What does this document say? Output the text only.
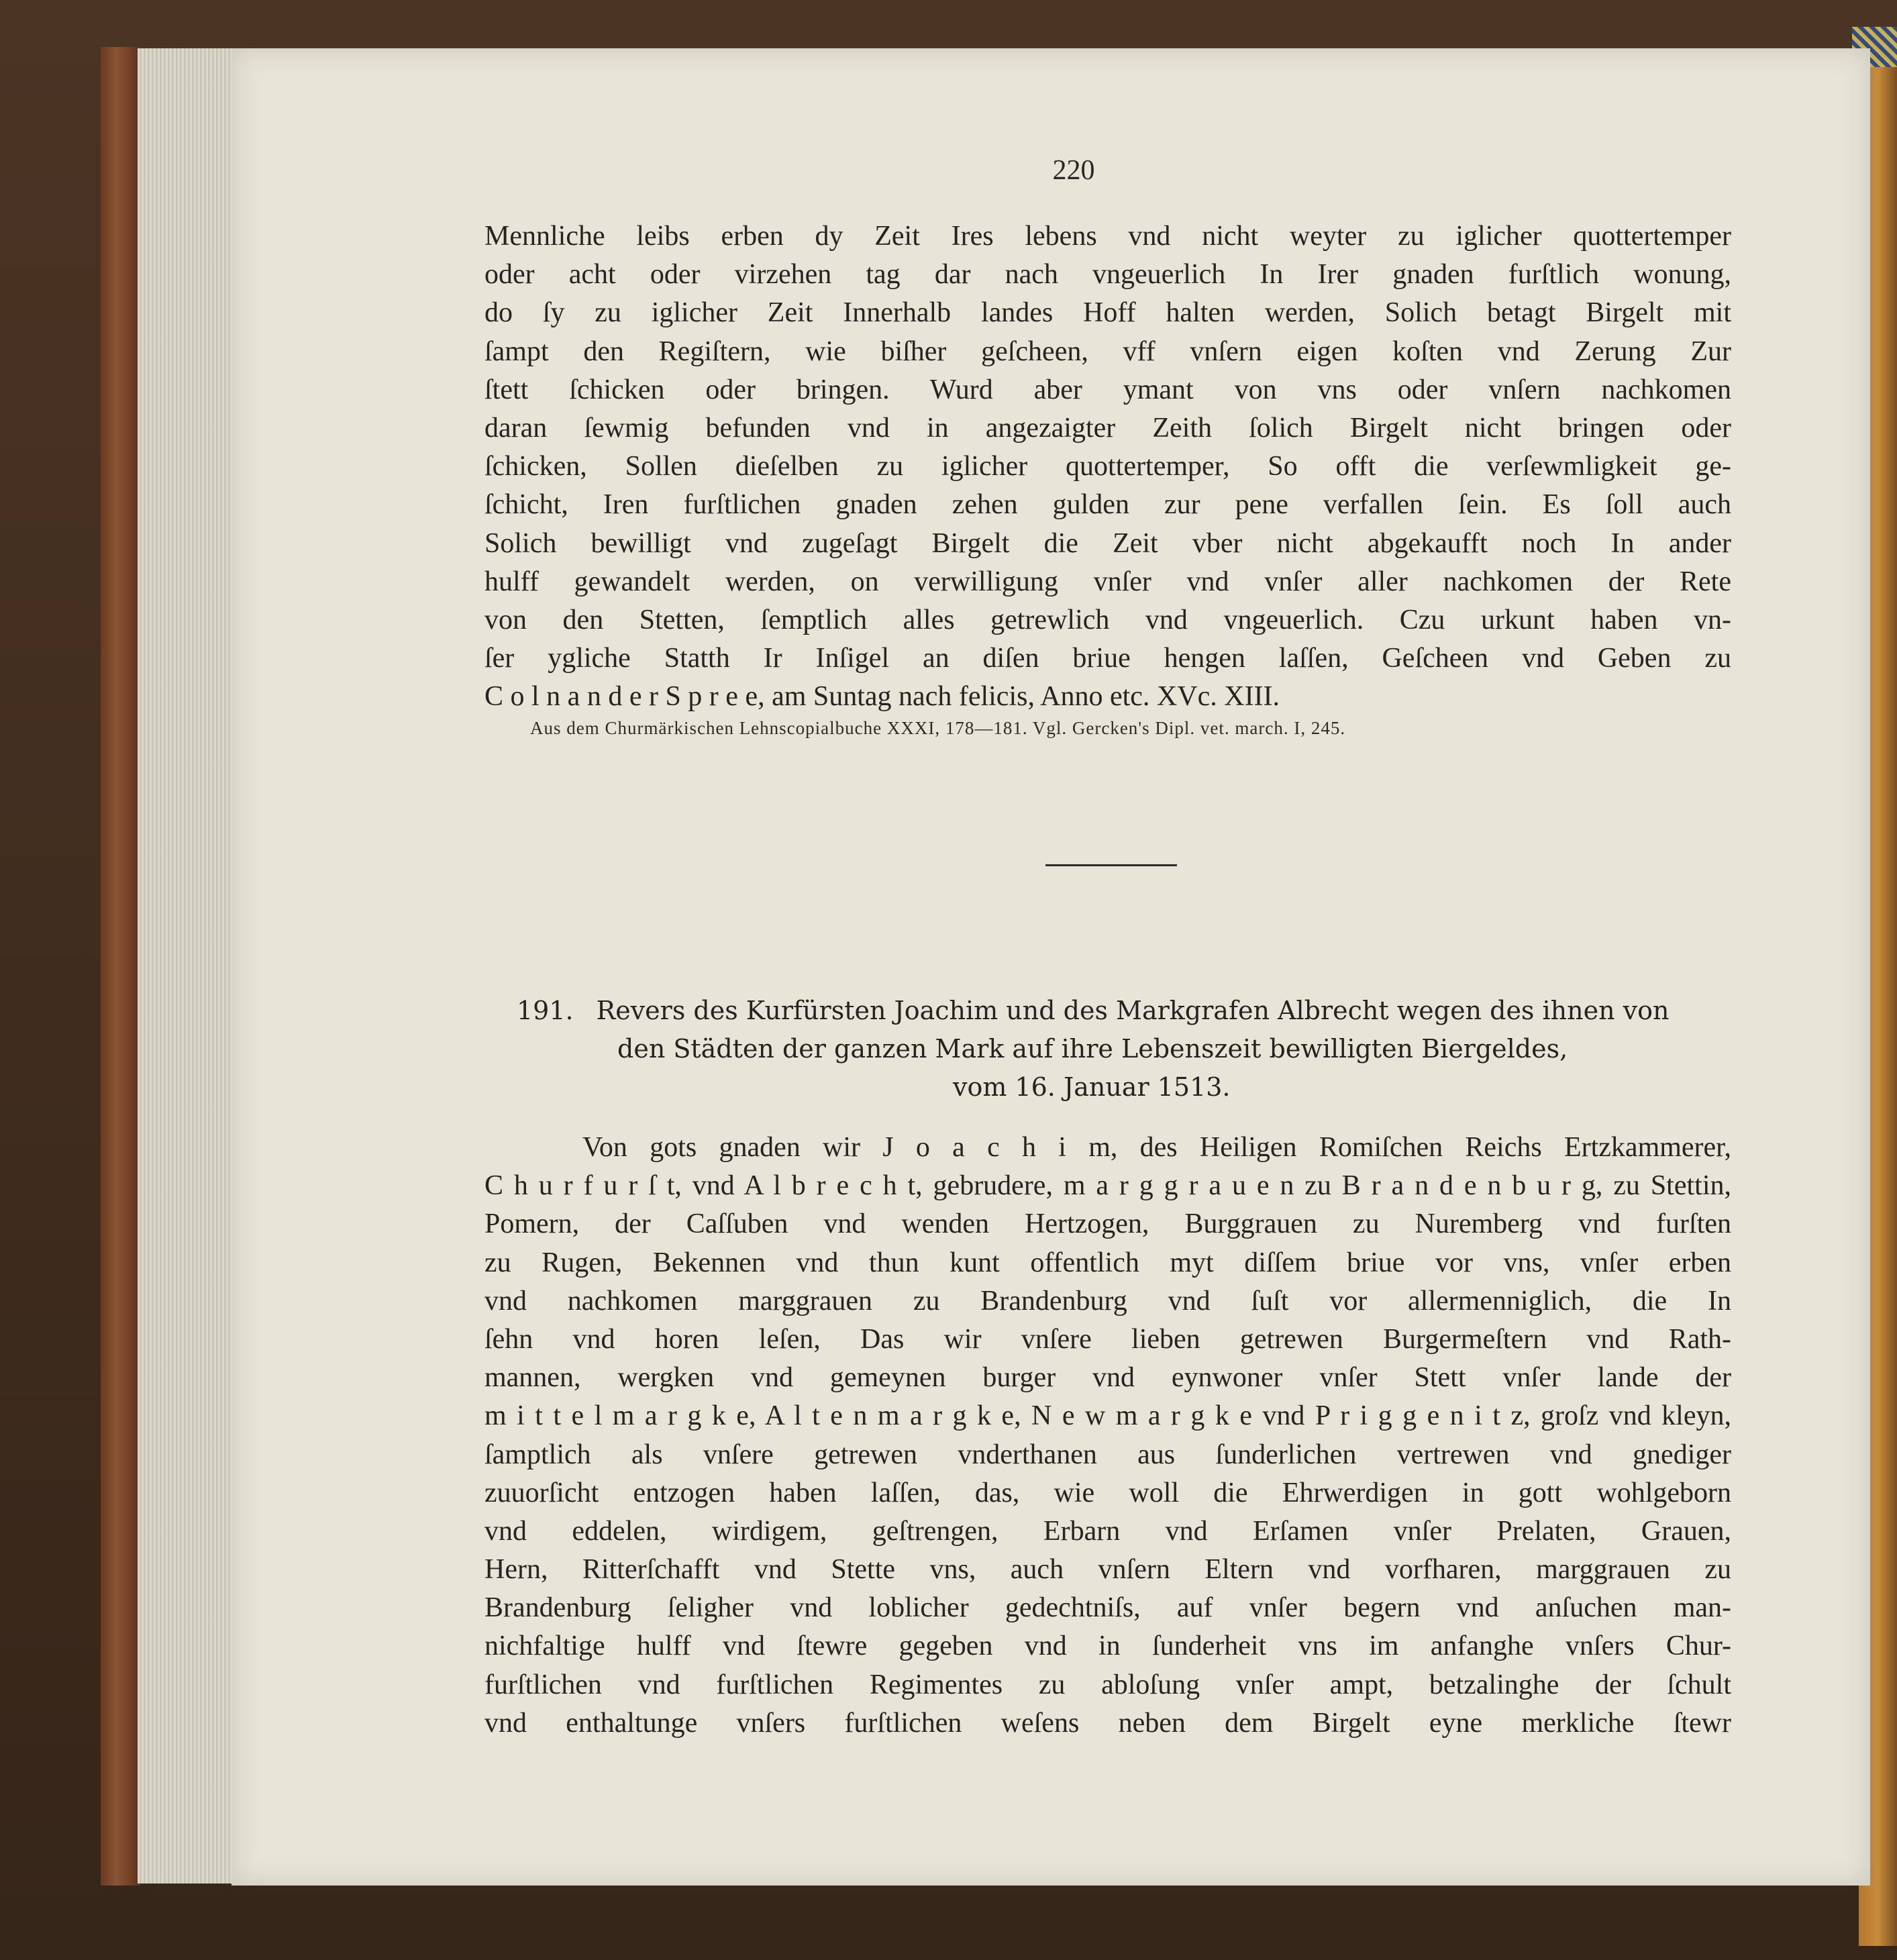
220
Mennliche leibs erben dy Zeit Ires lebens vnd nicht weyter zu iglicher quottertemper
oder acht oder virzehen tag dar nach vngeuerlich In Irer gnaden furſtlich wonung,
do ſy zu iglicher Zeit Innerhalb landes Hoff halten werden, Solich betagt Birgelt mit
ſampt den Regiſtern, wie biſher geſcheen, vff vnſern eigen koſten vnd Zerung Zur
ſtett ſchicken oder bringen. Wurd aber ymant von vns oder vnſern nachkomen
daran ſewmig befunden vnd in angezaigter Zeith ſolich Birgelt nicht bringen oder
ſchicken, Sollen dieſelben zu iglicher quottertemper, So offt die verſewmligkeit ge-
ſchicht, Iren furſtlichen gnaden zehen gulden zur pene verfallen ſein. Es ſoll auch
Solich bewilligt vnd zugeſagt Birgelt die Zeit vber nicht abgekaufft noch In ander
hulff gewandelt werden, on verwilligung vnſer vnd vnſer aller nachkomen der Rete
von den Stetten, ſemptlich alles getrewlich vnd vngeuerlich. Czu urkunt haben vn-
ſer ygliche Statth Ir Inſigel an diſen briue hengen laſſen, Geſcheen vnd Geben zu
C o l n a n d e r S p r e e, am Suntag nach felicis, Anno etc. XVc. XIII.
Aus dem Churmärkischen Lehnscopialbuche XXXI, 178—181. Vgl. Gercken's Dipl. vet. march. I, 245.
191. Revers des Kurfürsten Joachim und des Markgrafen Albrecht wegen des ihnen von
den Städten der ganzen Mark auf ihre Lebenszeit bewilligten Biergeldes,
vom 16. Januar 1513.
Von gots gnaden wir J o a c h i m, des Heiligen Romiſchen Reichs Ertzkammerer,
C h u r f u r ſ t, vnd A l b r e c h t, gebrudere, m a r g g r a u e n zu B r a n d e n b u r g, zu Stettin,
Pomern, der Caſſuben vnd wenden Hertzogen, Burggrauen zu Nuremberg vnd furſten
zu Rugen, Bekennen vnd thun kunt offentlich myt diſſem briue vor vns, vnſer erben
vnd nachkomen marggrauen zu Brandenburg vnd ſuſt vor allermenniglich, die In
ſehn vnd horen leſen, Das wir vnſere lieben getrewen Burgermeſtern vnd Rath-
mannen, wergken vnd gemeynen burger vnd eynwoner vnſer Stett vnſer lande der
m i t t e l m a r g k e, A l t e n m a r g k e, N e w m a r g k e vnd P r i g g e n i t z, groſz vnd kleyn,
ſamptlich als vnſere getrewen vnderthanen aus ſunderlichen vertrewen vnd gnediger
zuuorſicht entzogen haben laſſen, das, wie woll die Ehrwerdigen in gott wohlgeborn
vnd eddelen, wirdigem, geſtrengen, Erbarn vnd Erſamen vnſer Prelaten, Grauen,
Hern, Ritterſchafft vnd Stette vns, auch vnſern Eltern vnd vorfharen, marggrauen zu
Brandenburg ſeligher vnd loblicher gedechtniſs, auf vnſer begern vnd anſuchen man-
nichfaltige hulff vnd ſtewre gegeben vnd in ſunderheit vns im anfanghe vnſers Chur-
furſtlichen vnd furſtlichen Regimentes zu abloſung vnſer ampt, betzalinghe der ſchult
vnd enthaltunge vnſers furſtlichen weſens neben dem Birgelt eyne merkliche ſtewr
